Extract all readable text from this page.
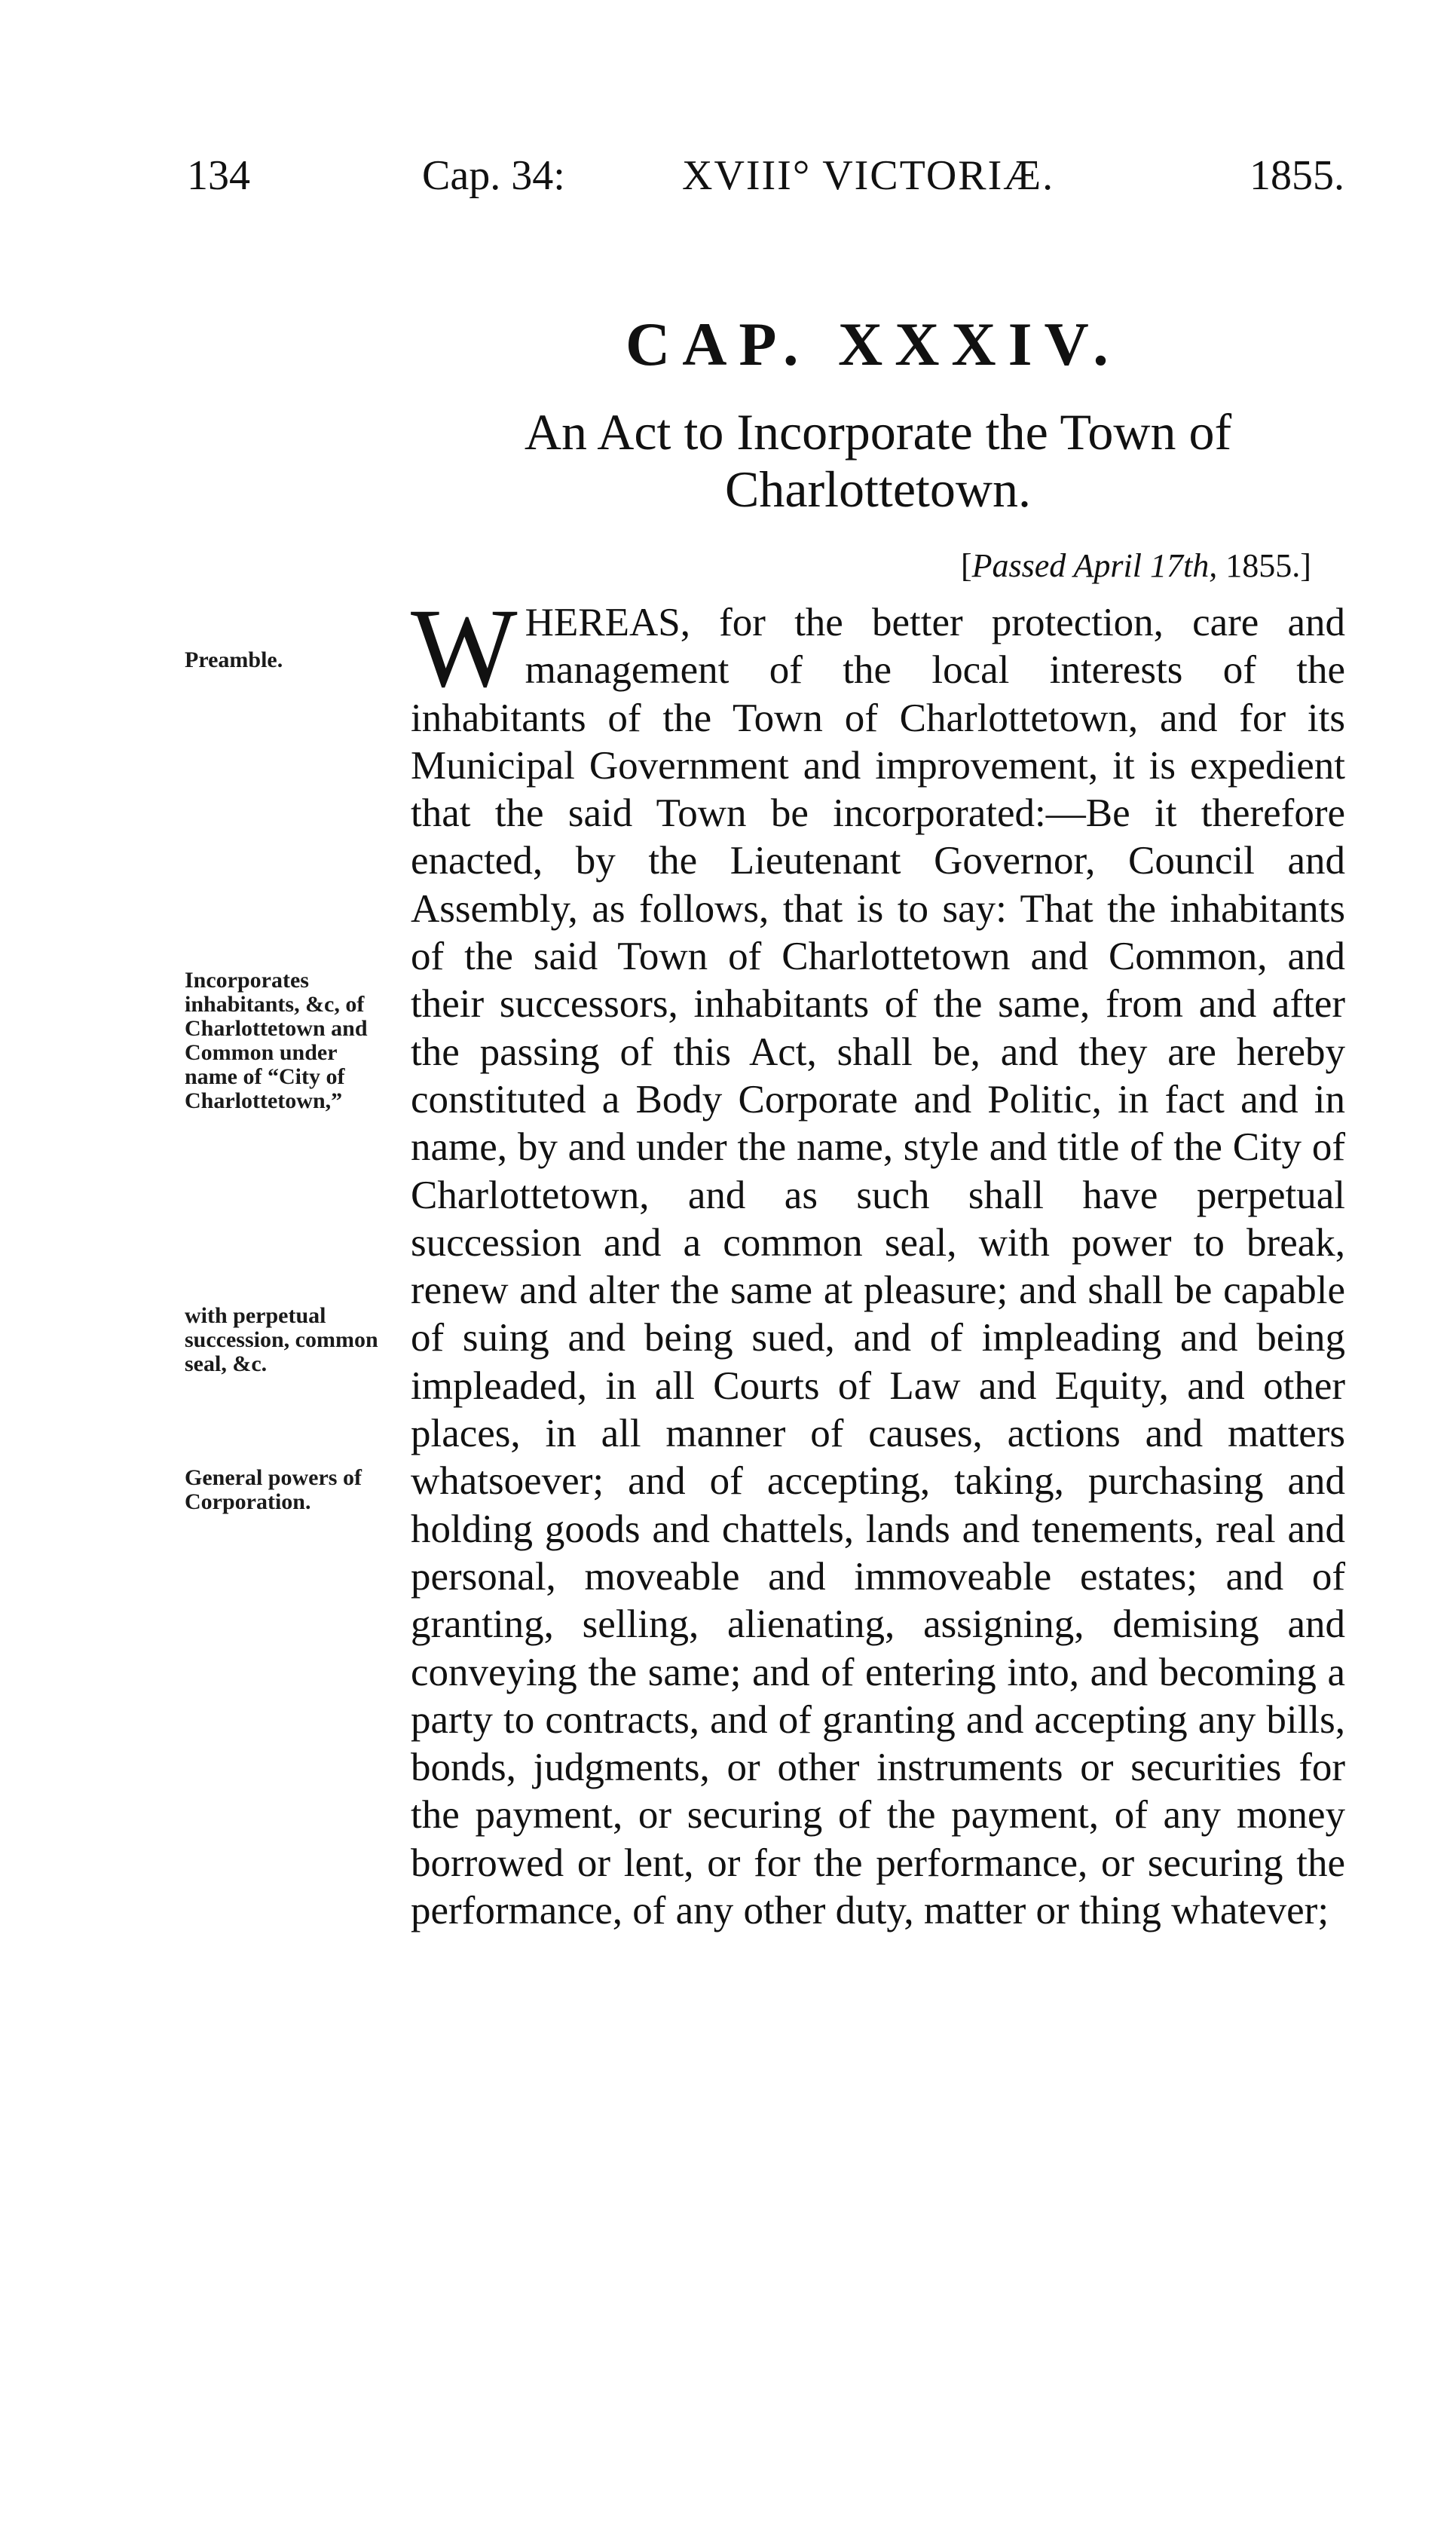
134	Cap. 34:	XVIII° VICTORIÆ.	1855.
CAP. XXXIV.
An Act to Incorporate the Town of Charlottetown.
[Passed April 17th, 1855.]
Preamble.
Incorporates inhabitants, &c, of Charlottetown and Common under name of “City of Charlottetown,”
with perpetual succession, common seal, &c.
General powers of Corporation.
WHEREAS, for the better protection, care and management of the local interests of the inhabitants of the Town of Charlottetown, and for its Municipal Government and improvement, it is expedient that the said Town be incorporated:—Be it therefore enacted, by the Lieutenant Governor, Council and Assembly, as follows, that is to say: That the inhabitants of the said Town of Charlottetown and Common, and their successors, inhabitants of the same, from and after the passing of this Act, shall be, and they are hereby constituted a Body Corporate and Politic, in fact and in name, by and under the name, style and title of the City of Charlottetown, and as such shall have perpetual succession and a common seal, with power to break, renew and alter the same at pleasure; and shall be capable of suing and being sued, and of impleading and being impleaded, in all Courts of Law and Equity, and other places, in all manner of causes, actions and matters whatsoever; and of accepting, taking, purchasing and holding goods and chattels, lands and tenements, real and personal, moveable and immoveable estates; and of granting, selling, alienating, assigning, demising and conveying the same; and of entering into, and becoming a party to contracts, and of granting and accepting any bills, bonds, judgments, or other instruments or securities for the payment, or securing of the payment, of any money borrowed or lent, or for the performance, or securing the performance, of any other duty, matter or thing whatever;
